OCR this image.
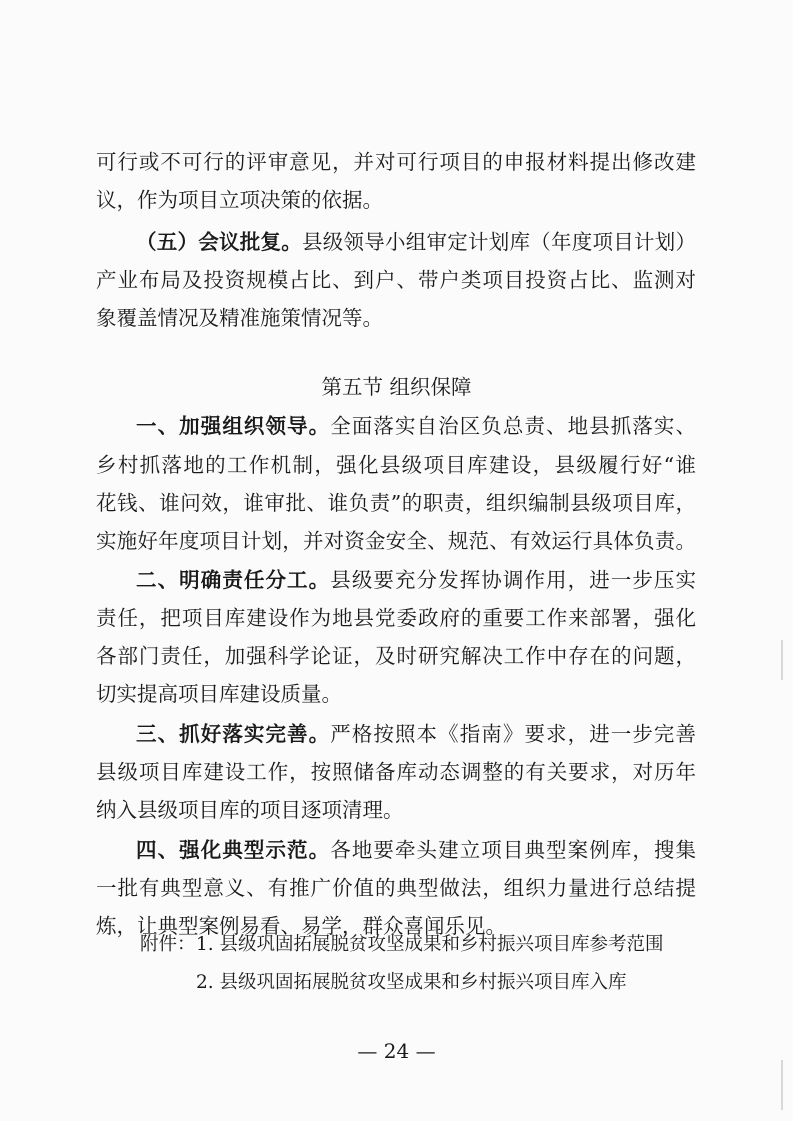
可行或不可行的评审意见，并对可行项目的申报材料提出修改建
议，作为项目立项决策的依据。
（五）会议批复。县级领导小组审定计划库（年度项目计划）
产业布局及投资规模占比、到户、带户类项目投资占比、监测对
象覆盖情况及精准施策情况等。
第五节 组织保障
一、加强组织领导。全面落实自治区负总责、地县抓落实、
乡村抓落地的工作机制，强化县级项目库建设，县级履行好“谁
花钱、谁问效，谁审批、谁负责”的职责，组织编制县级项目库，
实施好年度项目计划，并对资金安全、规范、有效运行具体负责。
二、明确责任分工。县级要充分发挥协调作用，进一步压实
责任，把项目库建设作为地县党委政府的重要工作来部署，强化
各部门责任，加强科学论证，及时研究解决工作中存在的问题，
切实提高项目库建设质量。
三、抓好落实完善。严格按照本《指南》要求，进一步完善
县级项目库建设工作，按照储备库动态调整的有关要求，对历年
纳入县级项目库的项目逐项清理。
四、强化典型示范。各地要牵头建立项目典型案例库，搜集
一批有典型意义、有推广价值的典型做法，组织力量进行总结提
炼，让典型案例易看、易学，群众喜闻乐见。
附件： 1. 县级巩固拓展脱贫攻坚成果和乡村振兴项目库参考范围
2. 县级巩固拓展脱贫攻坚成果和乡村振兴项目库入库
— 24 —
